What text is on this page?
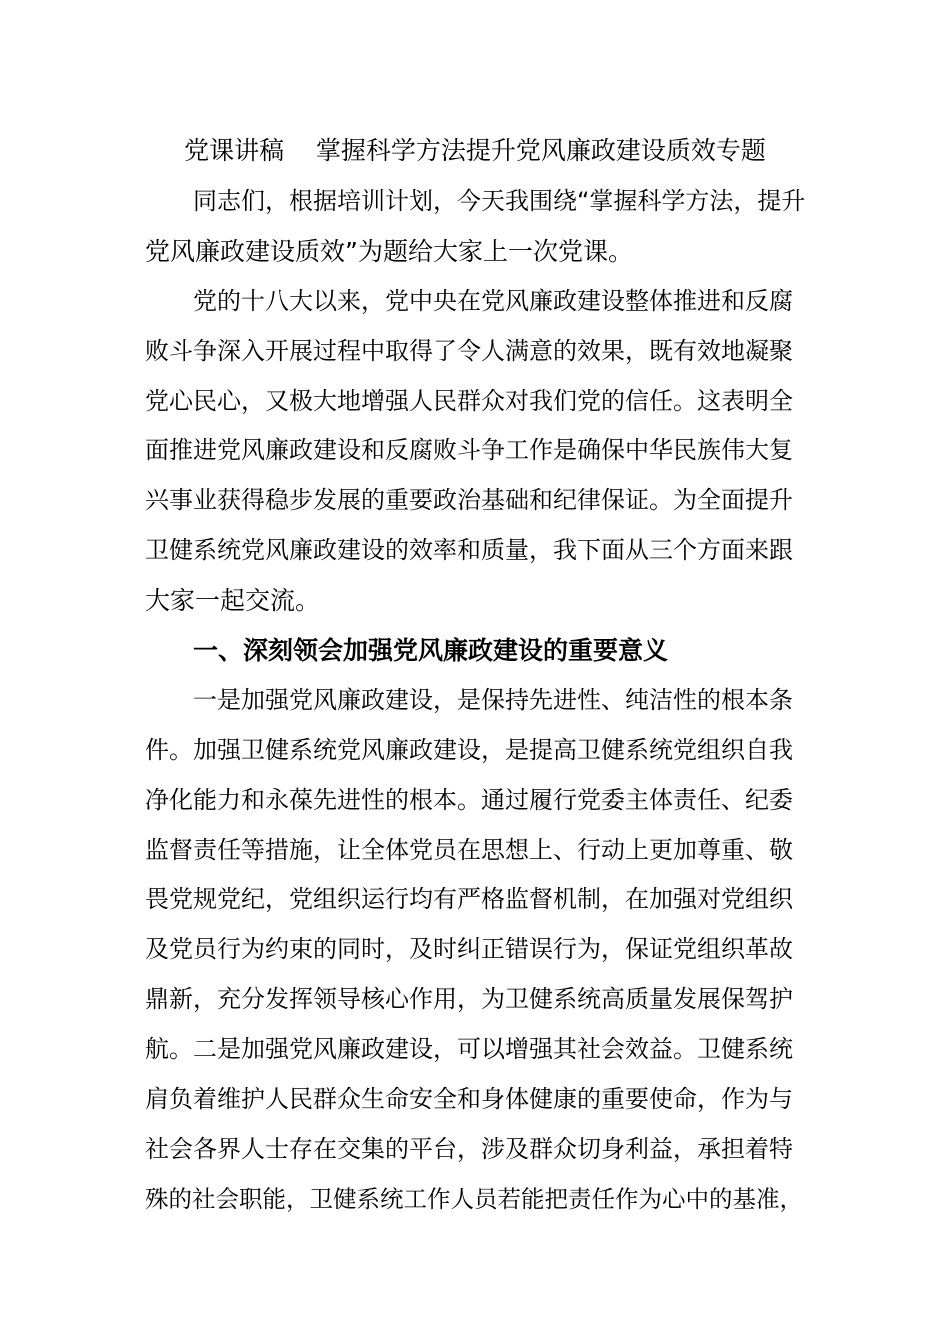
党课讲稿    掌握科学方法提升党风廉政建设质效专题

同志们，根据培训计划，今天我围绕“掌握科学方法，提升

党风廉政建设质效”为题给大家上一次党课。

党的十八大以来，党中央在党风廉政建设整体推进和反腐

败斗争深入开展过程中取得了令人满意的效果，既有效地凝聚

党心民心，又极大地增强人民群众对我们党的信任。这表明全

面推进党风廉政建设和反腐败斗争工作是确保中华民族伟大复

兴事业获得稳步发展的重要政治基础和纪律保证。为全面提升

卫健系统党风廉政建设的效率和质量，我下面从三个方面来跟

大家一起交流。

一、深刻领会加强党风廉政建设的重要意义

一是加强党风廉政建设，是保持先进性、纯洁性的根本条

件。加强卫健系统党风廉政建设，是提高卫健系统党组织自我

净化能力和永葆先进性的根本。通过履行党委主体责任、纪委

监督责任等措施，让全体党员在思想上、行动上更加尊重、敬

畏党规党纪，党组织运行均有严格监督机制，在加强对党组织

及党员行为约束的同时，及时纠正错误行为，保证党组织革故

鼎新，充分发挥领导核心作用，为卫健系统高质量发展保驾护

航。二是加强党风廉政建设，可以增强其社会效益。卫健系统

肩负着维护人民群众生命安全和身体健康的重要使命，作为与

社会各界人士存在交集的平台，涉及群众切身利益，承担着特

殊的社会职能，卫健系统工作人员若能把责任作为心中的基准，
